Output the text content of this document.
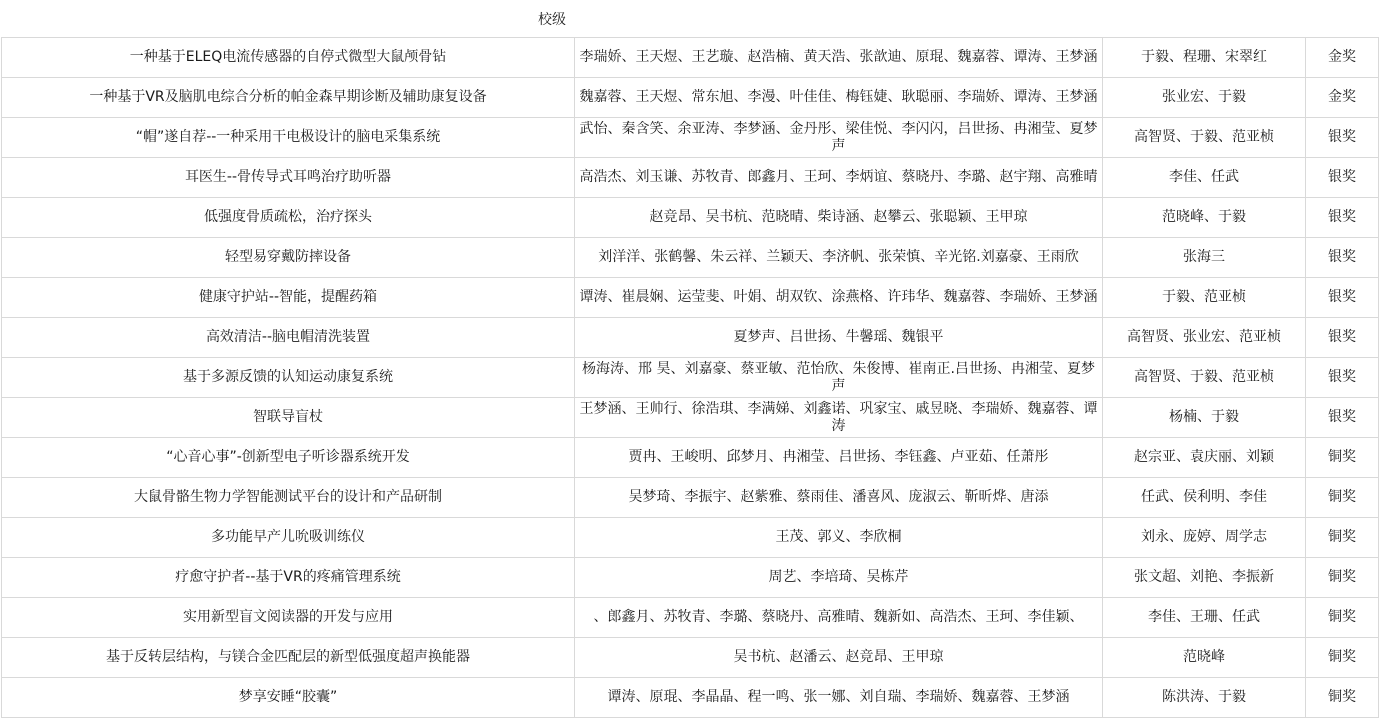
校级			
一种基于ELEQ电流传感器的自停式微型大鼠颅骨钻	李瑞娇、王天煜、王艺璇、赵浩楠、黄天浩、张歆迪、原琨、魏嘉蓉、谭涛、王梦涵	于毅、程珊、宋翠红	金奖
一种基于VR及脑肌电综合分析的帕金森早期诊断及辅助康复设备	魏嘉蓉、王天煜、常东旭、李漫、叶佳佳、梅钰婕、耿聪丽、李瑞娇、谭涛、王梦涵	张业宏、于毅	金奖
“帽”遂自荐--一种采用干电极设计的脑电采集系统	武怡、秦含笑、余亚涛、李梦涵、金丹彤、梁佳悦、李闪闪，吕世扬、冉湘莹、夏梦声	高智贤、于毅、范亚桢	银奖
耳医生--骨传导式耳鸣治疗助听器	高浩杰、刘玉谦、苏牧青、郎鑫月、王珂、李炳谊、蔡晓丹、李璐、赵宇翔、高雅晴	李佳、任武	银奖
低强度骨质疏松，治疗探头	赵竞昂、吴书杭、范晓晴、柴诗涵、赵攀云、张聪颖、王甲琼	范晓峰、于毅	银奖
轻型易穿戴防摔设备	刘洋洋、张鹤馨、朱云祥、兰颖天、李济帆、张荣慎、辛光铭.刘嘉豪、王雨欣	张海三	银奖
健康守护站--智能，提醒药箱	谭涛、崔晨娴、运莹斐、叶娟、胡双钦、涂燕格、许玮华、魏嘉蓉、李瑞娇、王梦涵	于毅、范亚桢	银奖
高效清洁--脑电帽清洗装置	夏梦声、吕世扬、牛馨瑶、魏银平	高智贤、张业宏、范亚桢	银奖
基于多源反馈的认知运动康复系统	杨海涛、邢 昊、刘嘉豪、蔡亚敏、范怡欣、朱俊博、崔南正.吕世扬、冉湘莹、夏梦声	高智贤、于毅、范亚桢	银奖
智联导盲杖	王梦涵、王帅行、徐浩琪、李满娣、刘鑫诺、巩家宝、戚昱晓、李瑞娇、魏嘉蓉、谭涛	杨楠、于毅	银奖
“心音心事”-创新型电子听诊器系统开发	贾冉、王峻明、邱梦月、冉湘莹、吕世扬、李钰鑫、卢亚茹、任萧彤	赵宗亚、袁庆丽、刘颖	铜奖
大鼠骨骼生物力学智能测试平台的设计和产品研制	吴梦琦、李振宇、赵紫雅、蔡雨佳、潘喜风、庞淑云、靳昕烨、唐添	任武、侯利明、李佳	铜奖
多功能早产儿吮吸训练仪	王茂、郭义、李欣桐	刘永、庞婷、周学志	铜奖
疗愈守护者--基于VR的疼痛管理系统	周艺、李培琦、吴栋芹	张文超、刘艳、李振新	铜奖
实用新型盲文阅读器的开发与应用	、郎鑫月、苏牧青、李璐、蔡晓丹、高雅晴、魏新如、高浩杰、王珂、李佳颖、	李佳、王珊、任武	铜奖
基于反转层结构，与镁合金匹配层的新型低强度超声换能器	吴书杭、赵潘云、赵竞昂、王甲琼	范晓峰	铜奖
梦享安睡“胶囊”	谭涛、原琨、李晶晶、程一鸣、张一娜、刘自瑞、李瑞娇、魏嘉蓉、王梦涵	陈洪涛、于毅	铜奖
